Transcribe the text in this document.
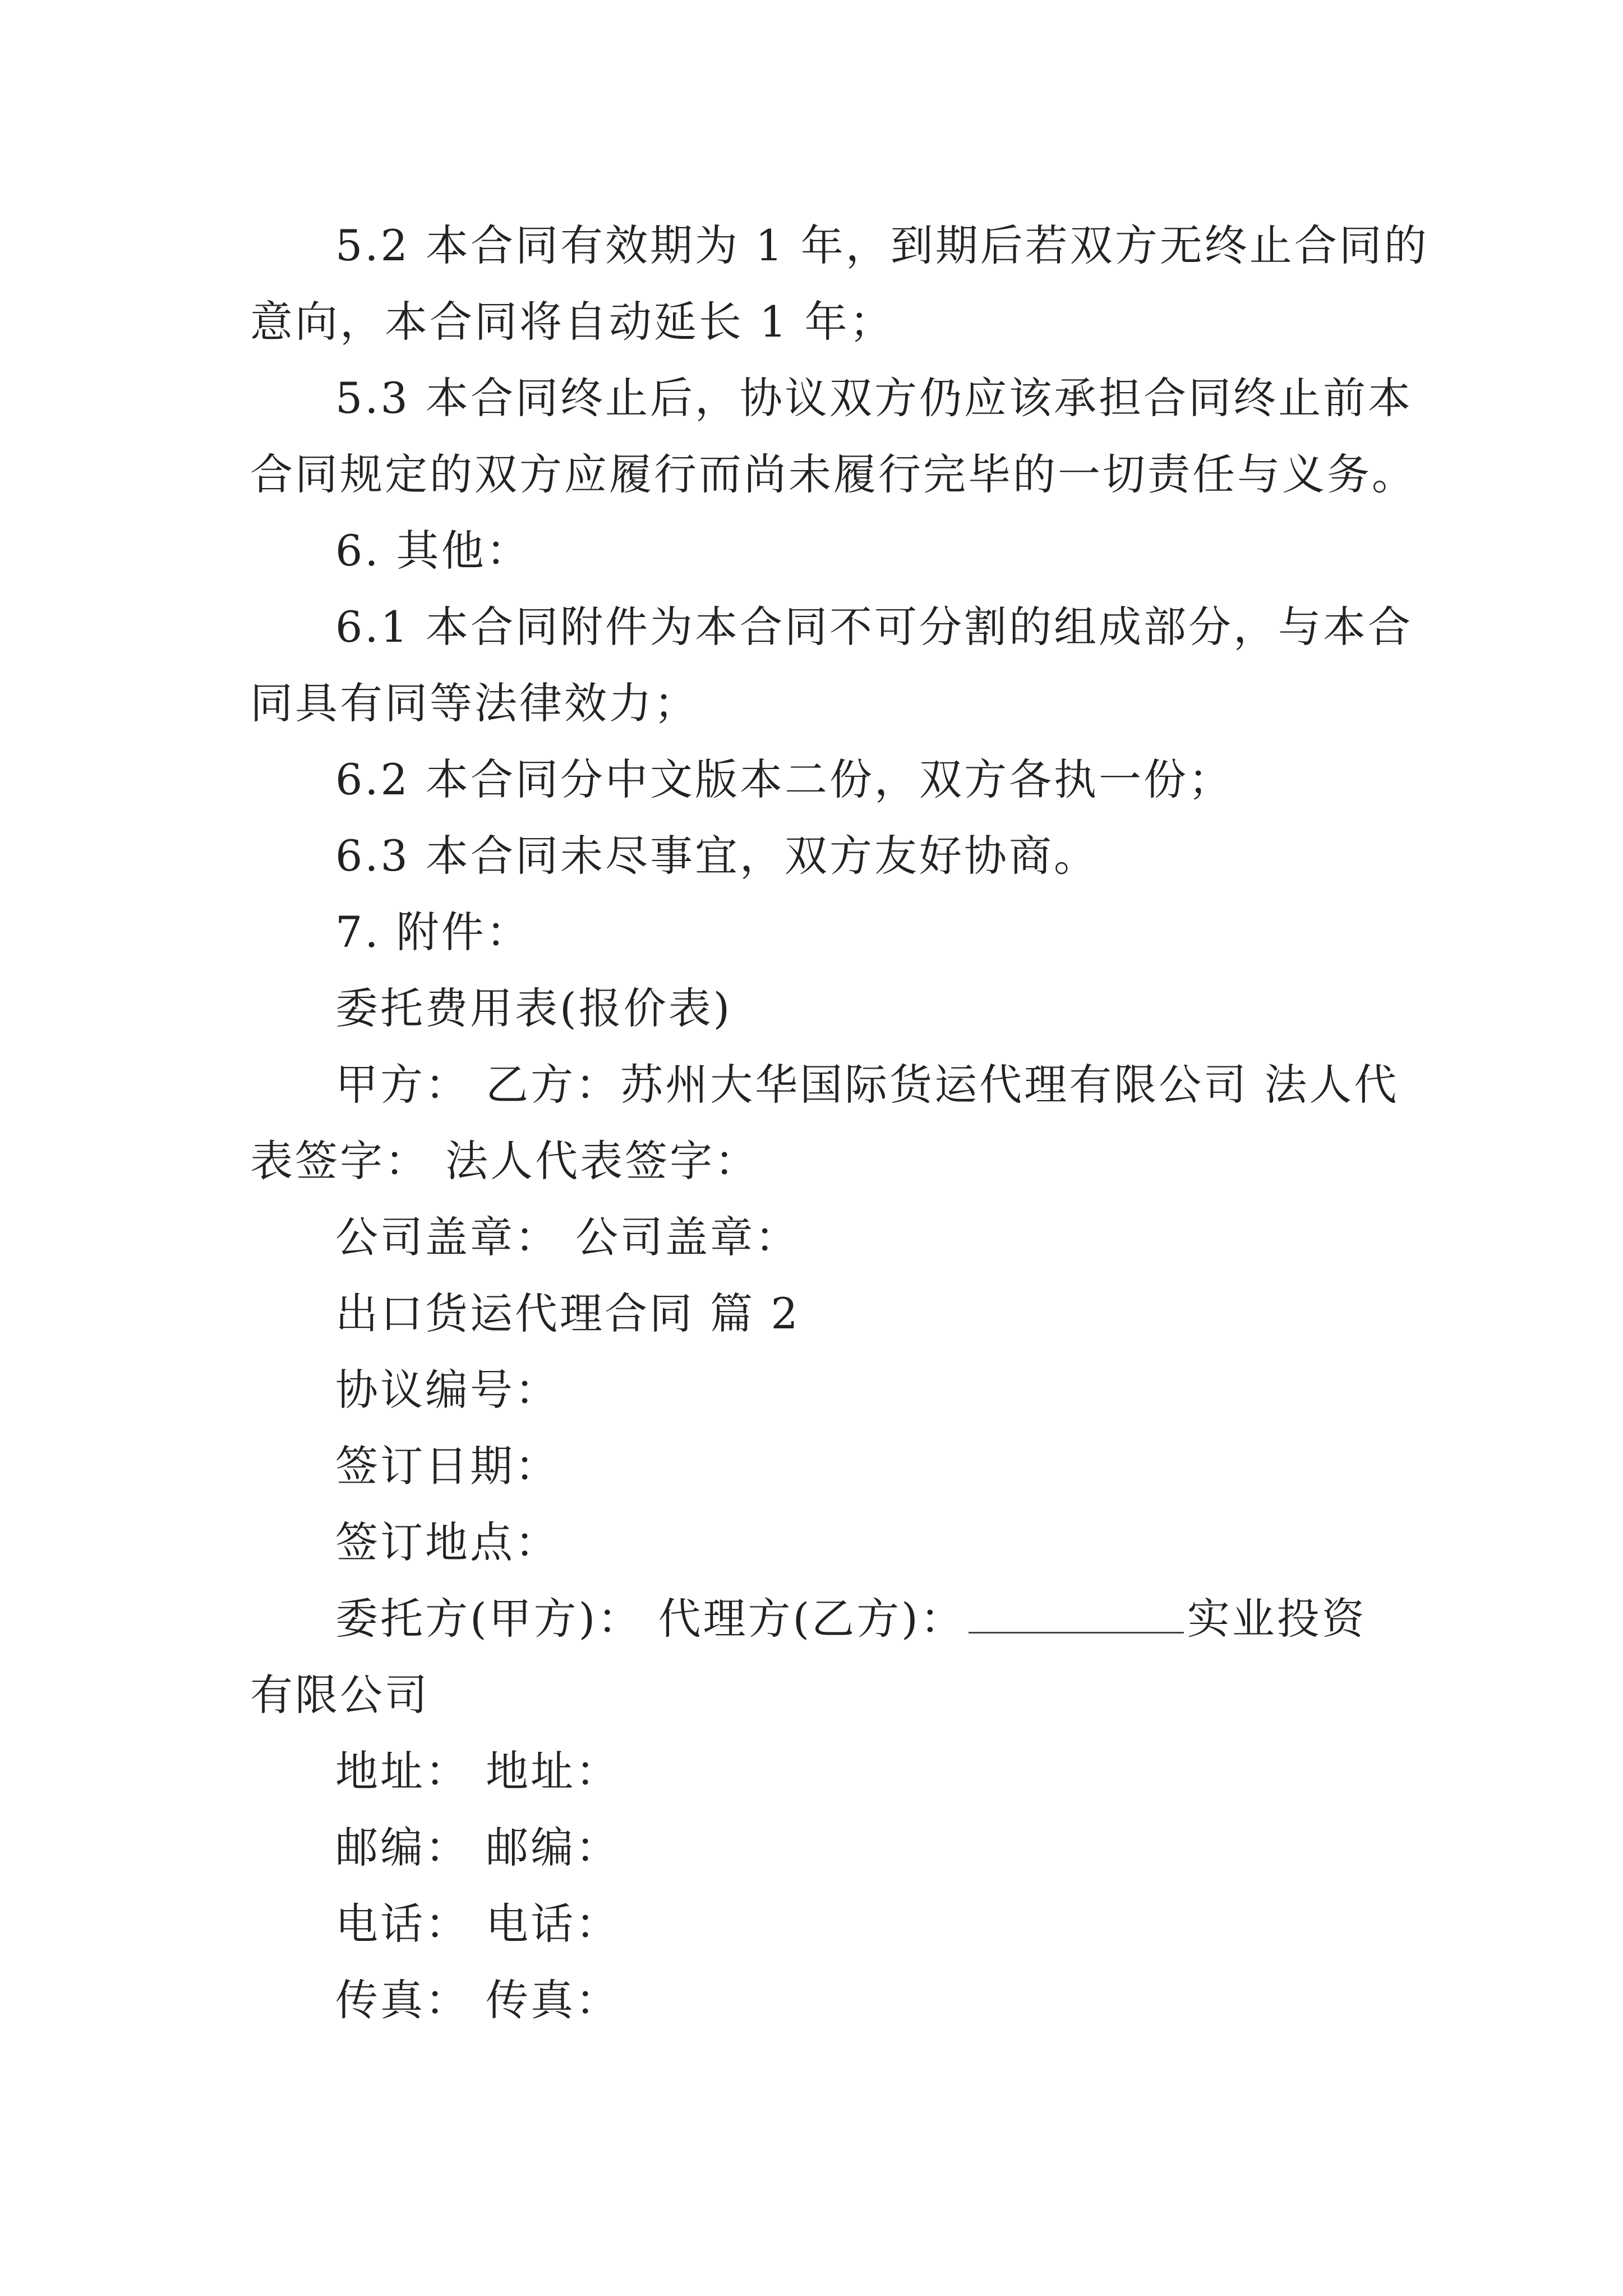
5.2 本合同有效期为 1 年，到期后若双方无终止合同的
意向，本合同将自动延长 1 年；
5.3 本合同终止后，协议双方仍应该承担合同终止前本
合同规定的双方应履行而尚未履行完毕的一切责任与义务。
6. 其他：
6.1 本合同附件为本合同不可分割的组成部分，与本合
同具有同等法律效力；
6.2 本合同分中文版本二份，双方各执一份；
6.3 本合同未尽事宜，双方友好协商。
7. 附件：
委托费用表(报价表)
甲方： 乙方：苏州大华国际货运代理有限公司 法人代
表签字： 法人代表签字：
公司盖章： 公司盖章：
出口货运代理合同 篇 2
协议编号：
签订日期：
签订地点：
委托方(甲方)： 代理方(乙方)：	实业投资
有限公司
地址： 地址：
邮编： 邮编：
电话： 电话：
传真： 传真：
